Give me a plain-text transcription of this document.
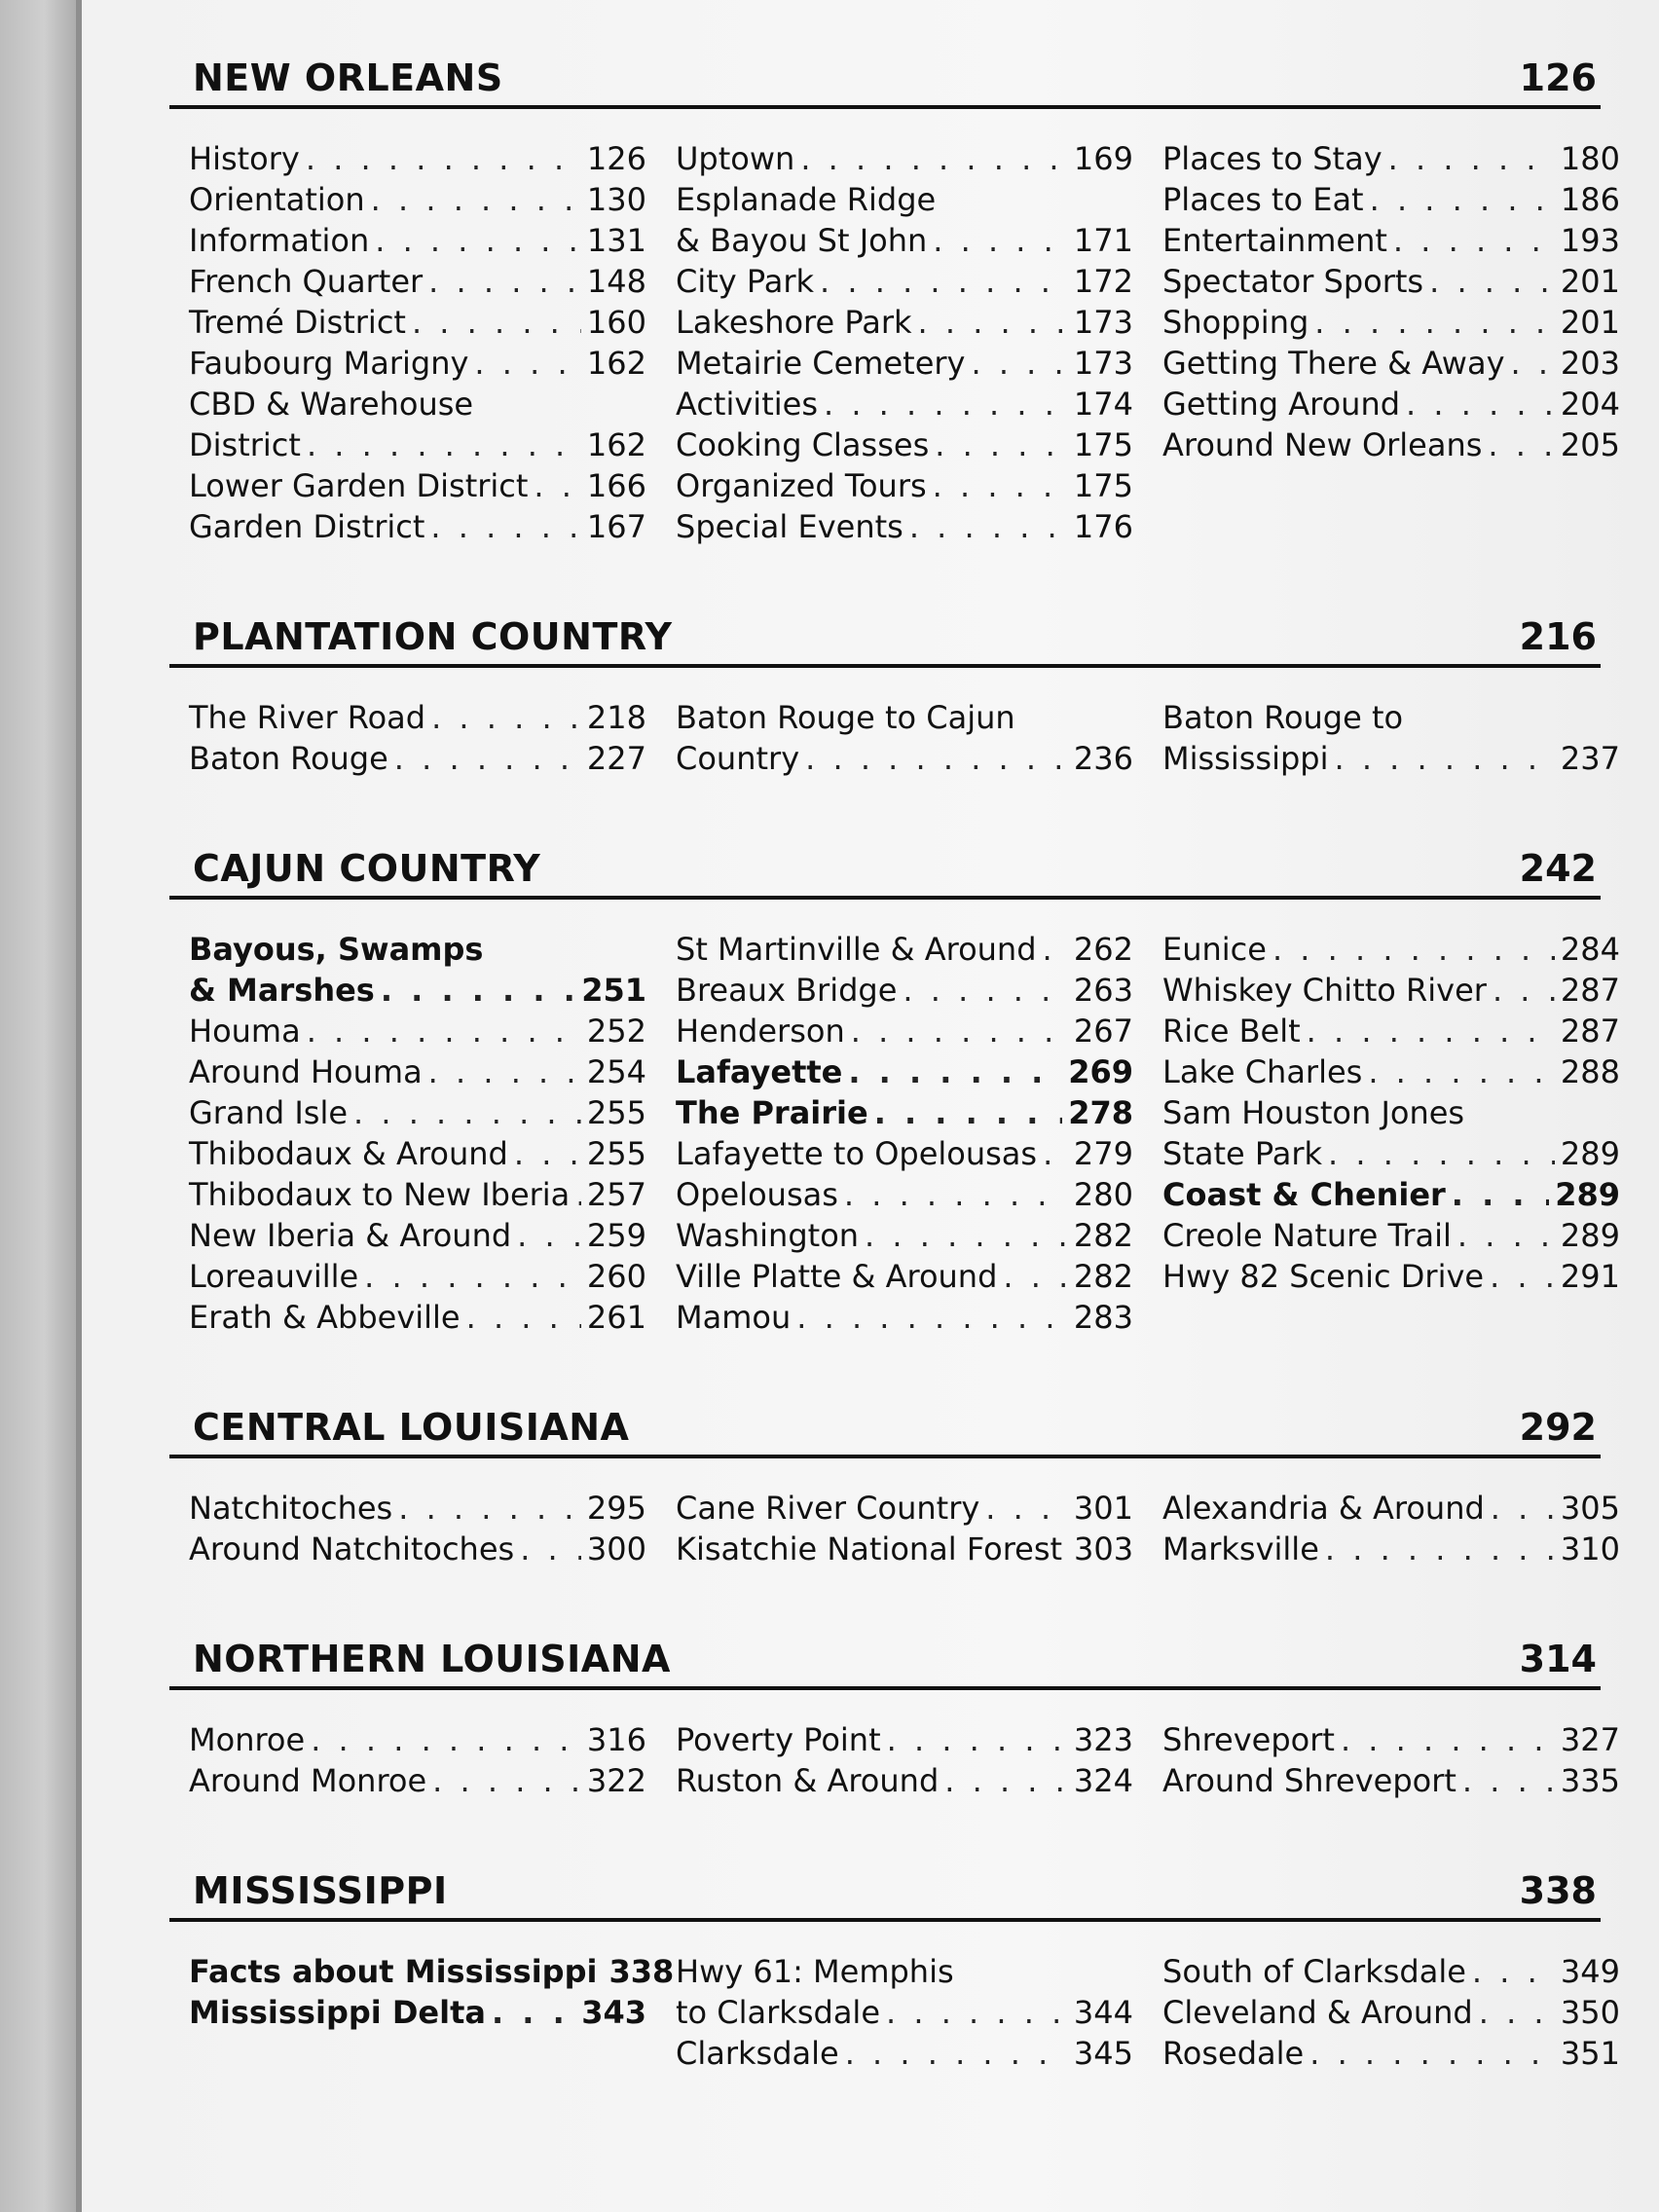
NEW ORLEANS	126
History . . .	126
Orientation . . .	130
Information . . .	131
French Quarter . . .	148
Tremé District . . .	160
Faubourg Marigny . . .	162
CBD & Warehouse
District . . .	162
Lower Garden District . . . 166
Garden District . . .	167
Uptown . . .	169
Esplanade Ridge
& Bayou St John . . .	171
City Park . . .	172
Lakeshore Park . . .	173
Metairie Cemetery . . .	173
Activities . . .	174
Cooking Classes . . .	175
Organized Tours . . .	175
Special Events . . .	176
Places to Stay . . .	180
Places to Eat . . .	186
Entertainment . . .	193
Spectator Sports . . .	201
Shopping . . .	201
Getting There & Away . . . 203
Getting Around . . .	204
Around New Orleans . . .	205
PLANTATION COUNTRY	216
The River Road . . .	218
Baton Rouge . . .	227
Baton Rouge to Cajun
Country . . .	236
Baton Rouge to
Mississippi . . .	237
CAJUN COUNTRY	242
Bayous, Swamps
& Marshes . . .	251
Houma . . .	252
Around Houma . . .	254
Grand Isle . . .	255
Thibodaux & Around . . .	255
Thibodaux to New Iberia . . . 257
New Iberia & Around . . . 259
Loreauville . . .	260
Erath & Abbeville . . .	261
St Martinville & Around . . . 262
Breaux Bridge . . .	263
Henderson . . .	267
Lafayette . . .	269
The Prairie . . .	278
Lafayette to Opelousas . . . 279
Opelousas . . .	280
Washington . . .	282
Ville Platte & Around . . . 282
Mamou . . .	283
Eunice . . .	284
Whiskey Chitto River . . . 287
Rice Belt . . .	287
Lake Charles . . .	288
Sam Houston Jones
State Park . . .	289
Coast & Chenier . . .	289
Creole Nature Trail . . .	289
Hwy 82 Scenic Drive . . . 291
CENTRAL LOUISIANA	292
Natchitoches . . .	295
Around Natchitoches . . . 300
Cane River Country . . .	301
Kisatchie National Forest 303
Alexandria & Around . . . 305
Marksville . . .	310
NORTHERN LOUISIANA	314
Monroe . . .	316
Around Monroe . . .	322
Poverty Point . . .	323
Ruston & Around . . .	324
Shreveport . . .	327
Around Shreveport . . .	335
MISSISSIPPI	338
Facts about Mississippi 338
Mississippi Delta . . .	343
Hwy 61: Memphis
to Clarksdale . . .	344
Clarksdale . . .	345
South of Clarksdale . . .	349
Cleveland & Around . . .	350
Rosedale . . .	351
